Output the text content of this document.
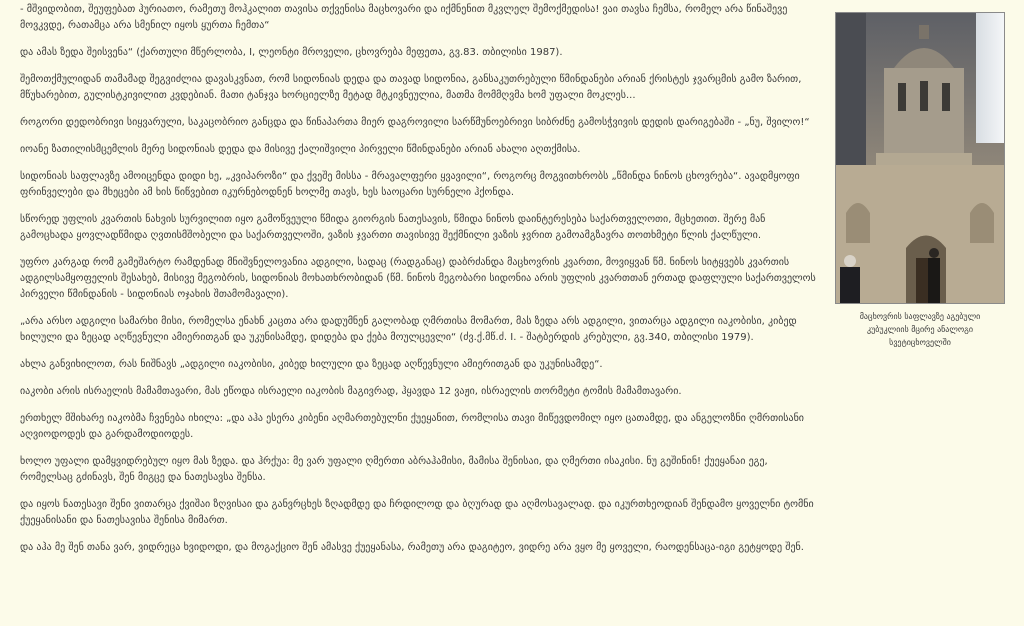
- მშვიდობით, შეუფებათ ჰურიათო, რამეთუ მოჰკალით თავისა თქვენისა მაცხოვარი და იქმნენით მკვლელ შემოქმედისა! ვაი თავსა ჩემსა, რომელ არა წინაშევე მოვკვდე, რათამცა არა სმენილ იყოს ყურთა ჩემთა“

და ამას ზედა შეისვენა“ (ქართული მწერლობა, I, ლეონტი მროველი, ცხოვრება მეფეთა, გვ.83. თბილისი 1987).

შემოთქმულიდან თამამად შეგვიძლია დავასკვნათ, რომ სიდონიას დედა და თავად სიდონია, განსაკუთრებული წმინდანები არიან ქრისტეს ჯვარცმის გამო ზარით, მწუხარებით, გულისტკივილით კვდებიან. მათი ტანჯვა ხორციელზე მეტად მტკივნეულია, მათმა მომმღვმა ხომ უფალი მოკლეს...

როგორი დედობრივი სიყვარული, საკაცობრიო განცდა და წინაპართა მიერ დაგროვილი სარწმუნოებრივი სიბრძნე გამოსჭვივის დედის დარიგებაში - „ნუ, შვილო!“

იოანე ზათილისმცემლის მერე სიდონიას დედა და მისივე ქალიშვილი პირველი წმინდანები არიან ახალი აღთქმისა.

სიდონიას საფლავზე ამოიცენდა დიდი ხე, „კვიპაროზი“ და ქვეშე მისსა - მრავალფერი ყვავილი“, როგორც მოგვითხრობს „წმინდა ნინოს ცხოვრება“. ავადმყოფი ფრინველები და მხეცები ამ ხის წიწვებით იკურნებოდნენ ხოლმე თავს, ხეს საოცარი სურნელი ჰქონდა.

სწორედ უფლის კვართის ნახვის სურვილით იყო გამოწვეული წმიდა გიორგის ნათესავის, წმიდა ნინოს დაინტერესება საქართველოთი, მცხეთით. შერე მან გამოცხადა ყოვლადწმიდა ღვთისმშობელი და საქართველოში, ვაზის ჯვართი თავისივე შექმნილი ვაზის ჯვრით გამოამგზავრა თოთხმეტი წლის ქალწული.

უფრო კარგად რომ გამეშარტო რამდენად მნიშვნელოვანია ადგილი, სადაც (რადგანაც) დაბრძანდა მაცხოვრის კვართი, მოვიყვან წმ. ნინოს სიტყვებს კვართის ადგილსამყოფელის შესახებ, მისივე მეგობრის, სიდონიას მოხათხრობიდან (წმ. ნინოს მეგობარი სიდონია არის უფლის კვართთან ერთად დაფლული საქართველოს პირველი წმინდანის - სიდონიას ოჯახის შთამომავალი).

„არა არსო ადგილი სამარხი მისი, რომელსა ენახნ კაცთა არა დადუმნენ გალობად ღმრთისა მომართ, მას ზედა არს ადგილი, ვითარცა ადგილი იაკობისი, კიბედ ხილული და ზეცად აღწევნული ამიერითგან და უკუნისამდე, დიდება და ქება მოულცევლი“ (ძვ.ქ.მწ.ძ. I. - შატბერდის კრებული, გვ.340, თბილისი 1979).

ახლა განვიხილოთ, რას ნიშნავს „ადგილი იაკობისი, კიბედ ხილული და ზეცად აღწევნული ამიერითგან და უკუნისამდე“.

იაკობი არის ისრაელის მამამთავარი, მას ეწოდა ისრაელი იაკობის მაგივრად, ჰყავდა 12 ვაჟი, ისრაელის თორმეტი ტომის მამამთავარი.

ერთხელ მშიხარე იაკობმა ჩვენება იხილა: „და აჰა ესერა კიბენი აღმართებულნი ქუეყანით, რომლისა თავი მიწევდომილ იყო ცათამდე, და ანგელოზნი ღმრთისანი აღვიოდოდეს და გარდამოდიოდეს.

ხოლო უფალი დამყვიდრებულ იყო მას ზედა. და ჰრქუა: მე ვარ უფალი ღმერთი აბრაჰამისი, მამისა შენისაი, და ღმერთი ისაკისი. ნუ გეშინინ! ქუეყანაი ეგე, რომელსაც გძინავს, შენ მიგცე და ნათესავსა შენსა.

და იყოს ნათესავი შენი ვითარცა ქვიშაი ზღვისაი და განვრცხეს ზღადმდე და ჩრდილოდ და ბღურად და აღმოსავალად. და იკურთხეოდიან შენდამო ყოველნი ტომნი ქუეყანისანი და ნათესავისა შენისა მიმართ.

და აჰა მე შენ თანა ვარ, ვიდრეცა ხვიდოდი, და მოგაქციო შენ ამასვე ქუეყანასა, რამეთუ არა დაგიტეო, ვიდრე არა ვყო მე ყოველი, რაოდენსაცა-იგი გეტყოდე შენ.

მაცხოვრის საფლავზე აგებული კუბუკლიის მცირე ანალოგი სვეტიცხოველში
